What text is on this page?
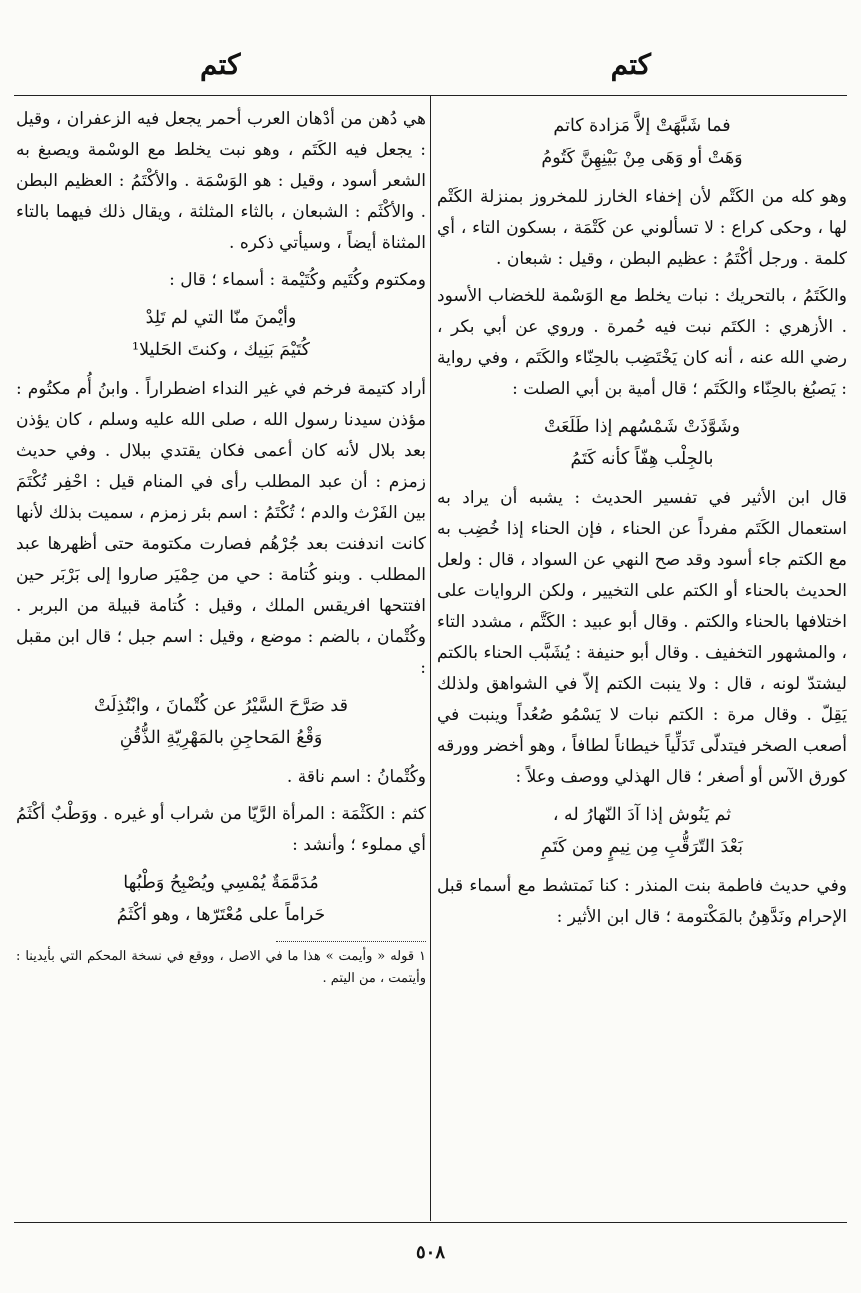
كتم
كتم
فما شَبَّهَتْ إلاَّ مَزادة كاتم
وَهَتْ أو وَهَى مِنْ بَيْنِهِنَّ كَتُومُ

وهو كله من الكَتْم لأن إخفاء الخارز للمخروز بمنزلة الكَتْم لها ، وحكى كراع : لا تسألوني عن كَتْمَة ، بسكون التاء ، أي كلمة . ورجل أكْتَمُ : عظيم البطن ، وقيل : شبعان .

والكَتَمُ ، بالتحريك : نبات يخلط مع الوَسْمة للخضاب الأسود . الأزهري : الكتَم نبت فيه حُمرة . وروي عن أبي بكر ، رضي الله عنه ، أنه كان يَخْتَضِب بالحِنّاء والكَتَم ، وفي رواية : يَصبُغ بالحِنّاء والكَتَم ؛ قال أمية بن أبي الصلت :

وشَوَّذَتْ شَمْسُهم إذا طَلَعَتْ
بالجِلْب هِفّاً كأنه كَتَمُ

قال ابن الأثير في تفسير الحديث : يشبه أن يراد به استعمال الكَتَم مفرداً عن الحناء ، فإن الحناء إذا خُضِب به مع الكتم جاء أسود وقد صح النهي عن السواد ، قال : ولعل الحديث بالحناء أو الكتم على التخيير ، ولكن الروايات على اختلافها بالحناء والكتم . وقال أبو عبيد : الكَتَّم ، مشدد التاء ، والمشهور التخفيف . وقال أبو حنيفة : يُشَبَّب الحناء بالكتم ليشتدّ لونه ، قال : ولا ينبت الكتم إلاّ في الشواهق ولذلك يَقِلّ . وقال مرة : الكتم نبات لا يَسْمُو صُعُداً وينبت في أصعب الصخر فيتدلّى تَدَلِّياً خيطاناً لطافاً ، وهو أخضر وورقه كورق الآس أو أصغر ؛ قال الهذلي ووصف وعلاً :

ثم يَنُوش إذا آدَ النّهارُ له ،
بَعْدَ التّرَقُّبِ مِن نِيمٍ ومن كَتَمِ

وفي حديث فاطمة بنت المنذر : كنا نَمتشط مع أسماء قبل الإحرام ونَدَّهِنُ بالمَكْتومة ؛ قال ابن الأثير :

هي دُهن من أدْهان العرب أحمر يجعل فيه الزعفران ، وقيل : يجعل فيه الكَتَم ، وهو نبت يخلط مع الوسْمة ويصبغ به الشعر أسود ، وقيل : هو الوَسْمَة . والأكْتَمُ : العظيم البطن . والأكْثَم : الشبعان ، بالثاء المثلثة ، ويقال ذلك فيهما بالتاء المثناة أيضاً ، وسيأتي ذكره .

ومكتوم وكُتَيم وكُتَيْمة : أسماء ؛ قال :

وأيْمنَ منّا التي لم تَلِدْ
كُتَيْمَ بَنِيك ، وكنتَ الحَليلا¹

أراد كتيمة فرخم في غير النداء اضطراراً . وابنُ أُم مكتُوم : مؤذن سيدنا رسول الله ، صلى الله عليه وسلم ، كان يؤذن بعد بلال لأنه كان أعمى فكان يقتدي ببلال . وفي حديث زمزم : أن عبد المطلب رأى في المنام قيل : احْفِر تُكْتَمَ بين الفَرْث والدم ؛ تُكْتَمُ : اسم بئر زمزم ، سميت بذلك لأنها كانت اندفنت بعد جُرْهُم فصارت مكتومة حتى أظهرها عبد المطلب . وبنو كُتامة : حي من حِمْيَر صاروا إلى بَرْبَر حين افتتحها افريقس الملك ، وقيل : كُتامة قبيلة من البربر . وكُتْمان ، بالضم : موضع ، وقيل : اسم جبل ؛ قال ابن مقبل :

قد صَرَّحَ السَّيْرُ عن كُتْمانَ ، وابْتُذِلَتْ
وَقْعُ المَحاجِنِ بالمَهْرِيّةِ الذُّقُنِ

وكُتْمانُ : اسم ناقة .

كثم : الكَثْمَة : المرأة الرَّيّا من شراب أو غيره . ووَطْبٌ أكْثَمُ أي مملوء ؛ وأنشد :

مُدَمَّمَةٌ يُمْسِي ويُصْبِحُ وَطْبُها
حَراماً على مُعْتَرّها ، وهو أكْثَمُ
١ قوله « وأيمت » هذا ما في الاصل ، ووقع في نسخة المحكم التي بأيدينا : وأيتمت ، من اليتم .
٥٠٨
